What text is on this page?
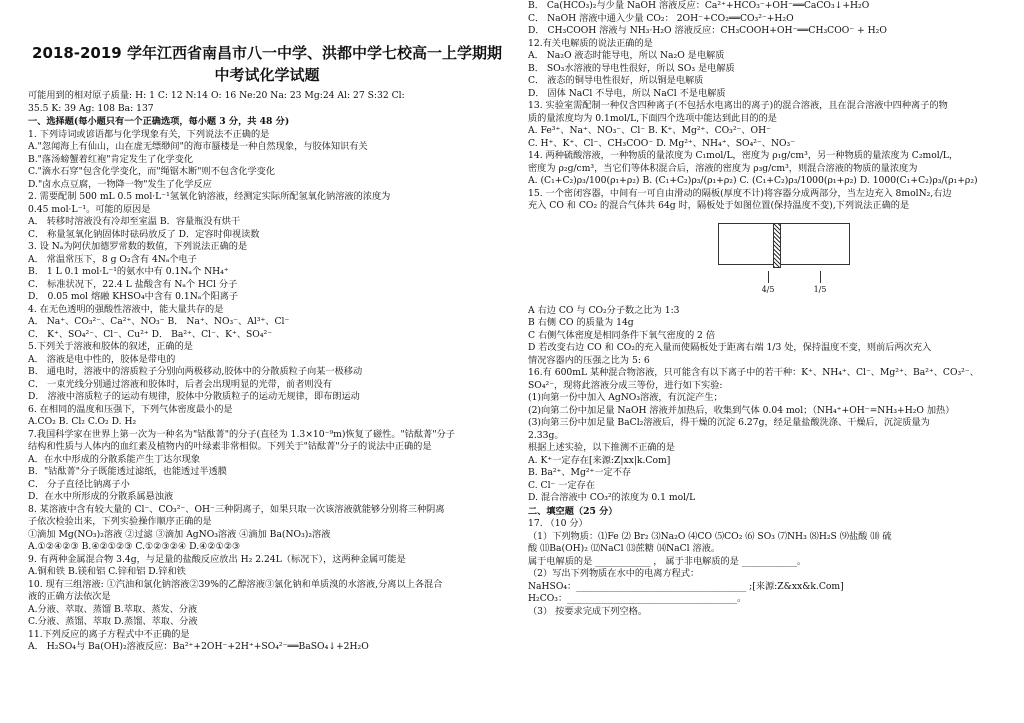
2018-2019 学年江西省南昌市八一中学、洪都中学七校高一上学期期
中考试化学试题
可能用到的相对原子质量: H: 1 C: 12 N:14 O: 16 Ne:20 Na: 23 Mg:24 Al: 27 S:32 Cl:
35.5 K: 39 Ag: 108 Ba: 137
一、选择题(每小题只有一个正确选项，每小题 3 分，共 48 分)
1. 下列诗词或谚语都与化学现象有关，下列说法不正确的是
A."忽闻海上有仙山，山在虚无缥缈间"的海市蜃楼是一种自然现象，与胶体知识有关
B."落汤螃蟹着红袍"肯定发生了化学变化
C."滴水石穿"包含化学变化，而"绳锯木断"则不包含化学变化
D."卤水点豆腐，一物降一物"发生了化学反应
2. 需要配制 500 mL 0.5 mol·L⁻¹氢氧化钠溶液，经测定实际所配氢氧化钠溶液的浓度为
0.45 mol·L⁻¹。可能的原因是
A． 转移时溶液没有冷却至室温 B．容量瓶没有烘干
C． 称量氢氧化钠固体时砝码放反了 D．定容时仰视读数
3. 设 Nₐ为阿伏加德罗常数的数值，下列说法正确的是
A． 常温常压下，8 g O₂含有 4Nₐ个电子
B． 1 L 0.1 mol·L⁻¹的氨水中有 0.1Nₐ个 NH₄⁺
C． 标准状况下，22.4 L 盐酸含有 Nₐ个 HCl 分子
D． 0.05 mol 熔融 KHSO₄中含有 0.1Nₐ个阳离子
4. 在无色透明的强酸性溶液中，能大量共存的是
A． Na⁺、CO₃²⁻、Ca²⁺、NO₃⁻ B． Na⁺、NO₃⁻、Al³⁺、Cl⁻
C． K⁺、SO₄²⁻、Cl⁻、Cu²⁺ D． Ba²⁺、Cl⁻、K⁺、SO₄²⁻
5.下列关于溶液和胶体的叙述，正确的是
A． 溶液是电中性的，胶体是带电的
B． 通电时，溶液中的溶质粒子分别向两极移动,胶体中的分散质粒子向某一极移动
C． 一束光线分别通过溶液和胶体时，后者会出现明显的光带，前者则没有
D． 溶液中溶质粒子的运动有规律，胶体中分散质粒子的运动无规律，即布朗运动
6. 在相同的温度和压强下，下列气体密度最小的是
A.CO₂ B. Cl₂ C.O₂ D. H₂
7.我国科学家在世界上第一次为一种名为"钴酞菁"的分子(直径为 1.3×10⁻⁹m)恢复了磁性。"钴酞菁"分子
结构和性质与人体内的血红素及植物内的叶绿素非常相似。下列关于"钴酞菁"分子的说法中正确的是
A．在水中形成的分散系能产生丁达尔现象
B．"钴酞菁"分子既能透过滤纸，也能透过半透膜
C． 分子直径比钠离子小
D．在水中所形成的分散系属悬浊液
8. 某溶液中含有较大量的 Cl⁻、CO₃²⁻、OH⁻三种阴离子，如果只取一次该溶液就能够分别将三种阴离
子依次检验出来，下列实验操作顺序正确的是
①滴加 Mg(NO₃)₂溶液 ②过滤 ③滴加 AgNO₃溶液 ④滴加 Ba(NO₃)₂溶液
A.①②④②③ B.④②①②③ C.①②③②④ D.④②①②③
9. 有两种金属混合物 3.4g，与足量的盐酸反应放出 H₂ 2.24L（标况下），这两种金属可能是
A.铜和铁 B.镁和铝 C.锌和铝 D.锌和铁
10. 现有三组溶液: ①汽油和氯化钠溶液②39%的乙醇溶液③氯化钠和单质溴的水溶液,分离以上各混合
液的正确方法依次是
A.分液、萃取、蒸馏 B.萃取、蒸发、分液
C.分液、蒸馏、萃取 D.蒸馏、萃取、分液
11.下列反应的离子方程式中不正确的是
A． H₂SO₄与 Ba(OH)₂溶液反应：Ba²⁺+2OH⁻+2H⁺+SO₄²⁻══BaSO₄↓+2H₂O
B． Ca(HCO₃)₂与少量 NaOH 溶液反应：Ca²⁺+HCO₃⁻+OH⁻══CaCO₃↓+H₂O
C． NaOH 溶液中通入少量 CO₂： 2OH⁻+CO₂══CO₃²⁻+H₂O
D． CH₃COOH 溶液与 NH₃·H₂O 溶液反应：CH₃COOH+OH⁻══CH₃COO⁻ + H₂O
12.有关电解质的说法正确的是
A． Na₂O 液态时能导电，所以 Na₂O 是电解质
B． SO₃水溶液的导电性很好，所以 SO₃ 是电解质
C． 液态的铜导电性很好，所以铜是电解质
D． 固体 NaCl 不导电，所以 NaCl 不是电解质
13. 实验室需配制一种仅含四种离子(不包括水电离出的离子)的混合溶液，且在混合溶液中四种离子的物
质的量浓度均为 0.1mol/L,下面四个选项中能达到此目的的是
A. Fe³⁺、Na⁺、NO₃⁻、Cl⁻ B. K⁺、Mg²⁺、CO₃²⁻、OH⁻
C. H⁺、K⁺、Cl⁻、CH₃COO⁻ D. Mg²⁺、NH₄⁺、SO₄²⁻、NO₃⁻
14. 两种硫酸溶液，一种物质的量浓度为 C₁mol/L，密度为 ρ₁g/cm³，另一种物质的量浓度为 C₂mol/L，
密度为 ρ₂g/cm³，当它们等体积混合后，溶液的密度为 ρ₃g/cm³，则混合溶液的物质的量浓度为
A. (C₁+C₂)ρ₃/100(ρ₁+ρ₂) B. (C₁+C₂)ρ₃/(ρ₁+ρ₂) C. (C₁+C₂)ρ₃/1000(ρ₁+ρ₂) D. 1000(C₁+C₂)ρ₃/(ρ₁+ρ₂)
15. 一个密闭容器，中间有一可自由滑动的隔板(厚度不计)将容器分成两部分，当左边充入 8molN₂,右边
充入 CO 和 CO₂ 的混合气体共 64g 时，隔板处于如图位置(保持温度不变),下列说法正确的是
4/5	1/5
A 右边 CO 与 CO₂分子数之比为 1:3
B 右侧 CO 的质量为 14g
C 右侧气体密度是相同条件下氧气密度的 2 倍
D 若改变右边 CO 和 CO₂的充入量而使隔板处于距离右端 1/3 处，保持温度不变，则前后两次充入
情况容器内的压强之比为 5: 6
16.有 600mL 某种混合物溶液，只可能含有以下离子中的若干种：K⁺、NH₄⁺、Cl⁻、Mg²⁺、Ba²⁺、CO₃²⁻、
SO₄²⁻，现将此溶液分成三等份，进行如下实验:
(1)向第一份中加入 AgNO₃溶液，有沉淀产生；
(2)向第二份中加足量 NaOH 溶液并加热后，收集到气体 0.04 mol；（NH₄⁺+OH⁻=NH₃+H₂O 加热）
(3)向第三份中加足量 BaCl₂溶液后，得干燥的沉淀 6.27g，经足量盐酸洗涤、干燥后，沉淀质量为
2.33g。
根据上述实验，以下推测不正确的是
A. K⁺一定存在[来源:Z|xx|k.Com]
B. Ba²⁺、Mg²⁺一定不存
C. Cl⁻ 一定存在
D. 混合溶液中 CO₃²的浓度为 0.1 mol/L
二、填空题（25 分）
17. （10 分）
（1）下列物质：⑴Fe ⑵ Br₂ ⑶Na₂O ⑷CO ⑸CO₂ ⑹ SO₃ ⑺NH₃ ⑻H₂S ⑼盐酸 ⑽ 硫
酸 ⑾Ba(OH)₂ ⑿NaCl ⒀蔗糖 ⒁NaCl 溶液。
属于电解质的是 ____________ ， 属于非电解质的是 ____________。
（2）写出下列物质在水中的电离方程式：
NaHSO₄：_____________________________________ ;[来源:Z&xx&k.Com]
H₂CO₃：_____________________________________。
（3） 按要求完成下列空格。
